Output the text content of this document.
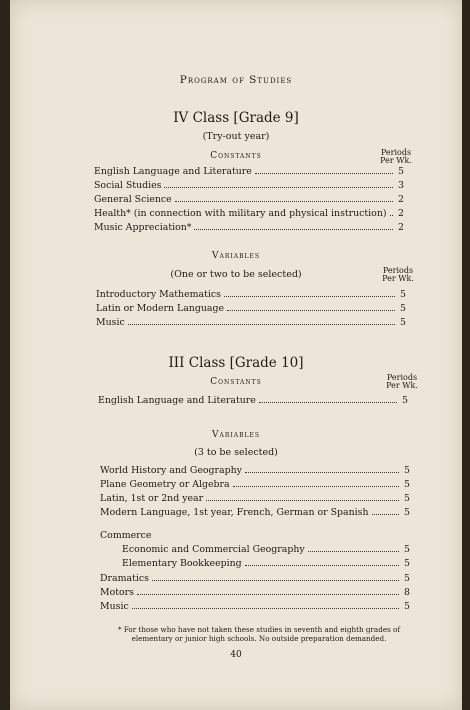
Program of Studies
IV Class [Grade 9]
(Try-out year)
Constants	Periods
Per Wk.
English Language and Literature	5
Social Studies	3
General Science	2
Health* (in connection with military and physical instruction) 2
Music Appreciation*	2
Variables
(One or two to be selected)	Periods
Per Wk.
Introductory Mathematics	5
Latin or Modern Language	5
Music	5
III Class [Grade 10]
Constants	Periods
Per Wk.
English Language and Literature	5
Variables
(3 to be selected)
World History and Geography	5
Plane Geometry or Algebra	5
Latin, 1st or 2nd year	5
Modern Language, 1st year, French, German or Spanish	5
Commerce
Economic and Commercial Geography	5
Elementary Bookkeeping	5
Dramatics	5
Motors	8
Music	5
* For those who have not taken these studies in seventh and eighth grades of elementary or junior high schools. No outside preparation demanded.
40
